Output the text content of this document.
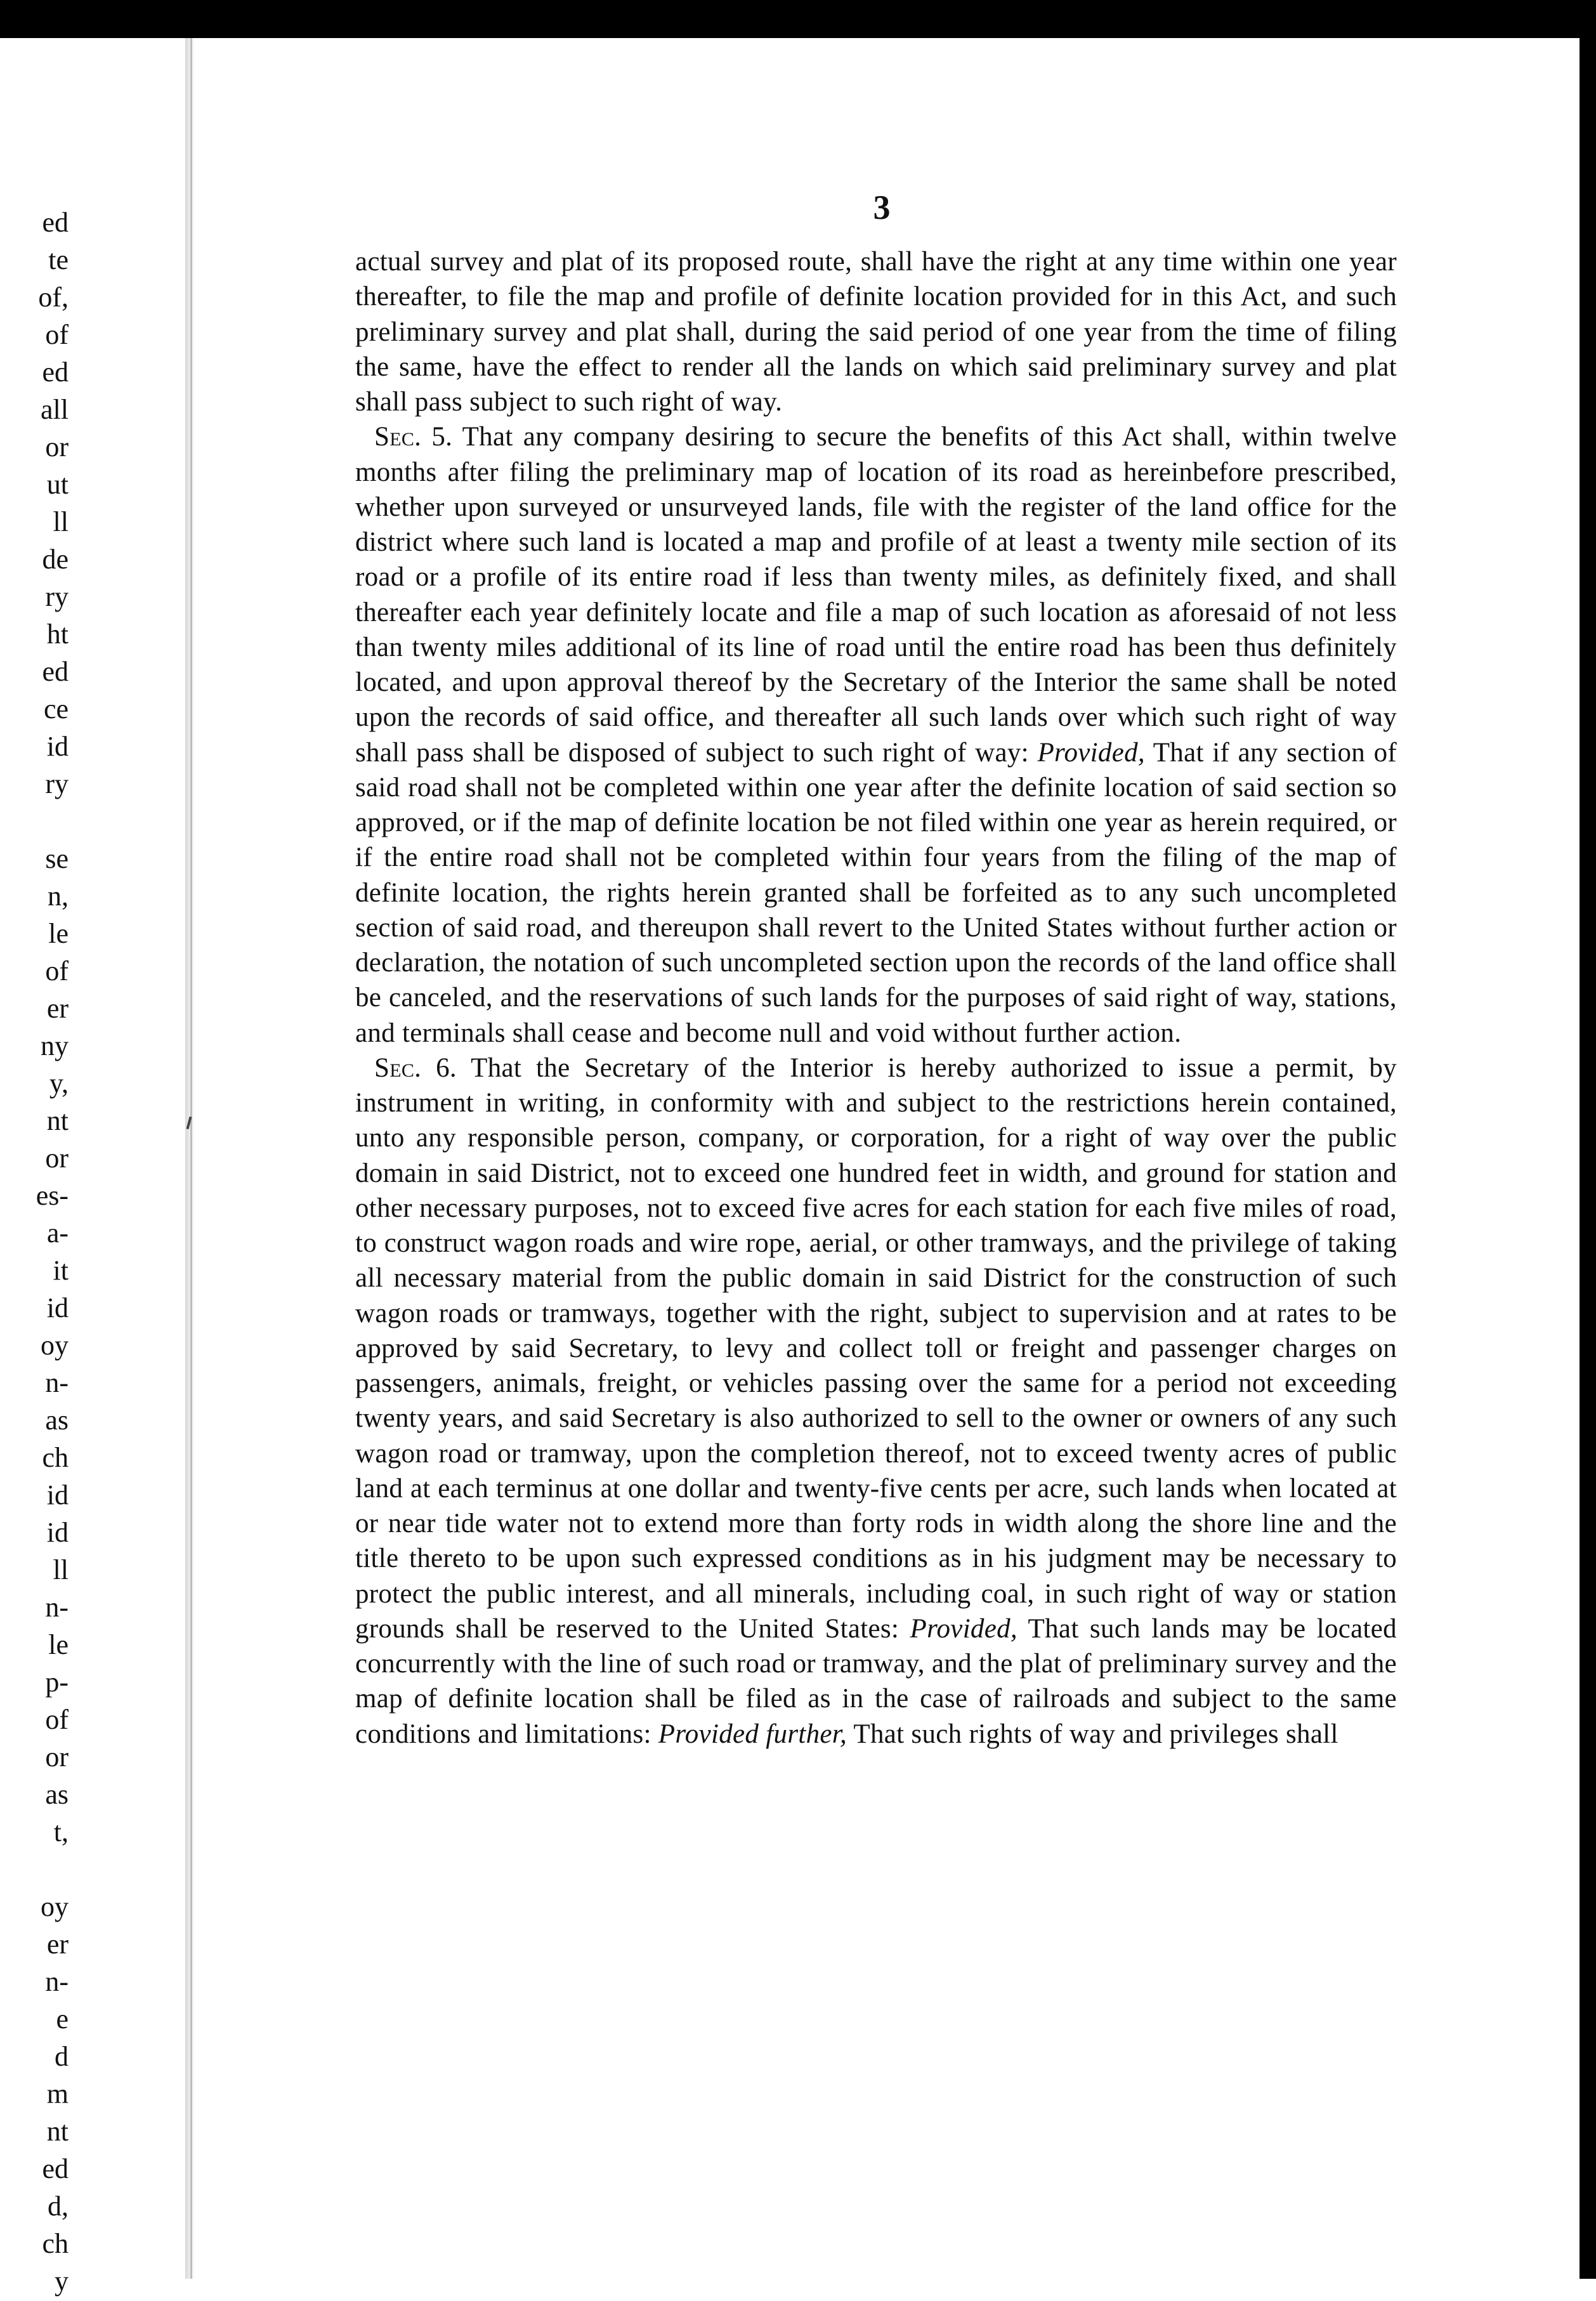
ed
te
of,
of
ed
all
or
ut
ll
de
ry
ht
ed
ce
id
ry
se
n,
le
of
er
ny
y,
nt
or
es-
a-
it
id
oy
n-
as
ch
id
id
ll
n-
le
p-
of
or
as
t,
oy
er
n-
e
d
m
nt
ed
d,
ch
y
3

actual survey and plat of its proposed route, shall have the right at any time within one year thereafter, to file the map and profile of definite location provided for in this Act, and such preliminary survey and plat shall, during the said period of one year from the time of filing the same, have the effect to render all the lands on which said preliminary survey and plat shall pass subject to such right of way.

Sec. 5. That any company desiring to secure the benefits of this Act shall, within twelve months after filing the preliminary map of location of its road as hereinbefore prescribed, whether upon surveyed or unsurveyed lands, file with the register of the land office for the district where such land is located a map and profile of at least a twenty mile section of its road or a profile of its entire road if less than twenty miles, as definitely fixed, and shall thereafter each year definitely locate and file a map of such location as aforesaid of not less than twenty miles additional of its line of road until the entire road has been thus definitely located, and upon approval thereof by the Secretary of the Interior the same shall be noted upon the records of said office, and thereafter all such lands over which such right of way shall pass shall be disposed of subject to such right of way: Provided, That if any section of said road shall not be completed within one year after the definite location of said section so approved, or if the map of definite location be not filed within one year as herein required, or if the entire road shall not be completed within four years from the filing of the map of definite location, the rights herein granted shall be forfeited as to any such uncompleted section of said road, and thereupon shall revert to the United States without further action or declaration, the notation of such uncompleted section upon the records of the land office shall be canceled, and the reservations of such lands for the purposes of said right of way, stations, and terminals shall cease and become null and void without further action.

Sec. 6. That the Secretary of the Interior is hereby authorized to issue a permit, by instrument in writing, in conformity with and subject to the restrictions herein contained, unto any responsible person, company, or corporation, for a right of way over the public domain in said District, not to exceed one hundred feet in width, and ground for station and other necessary purposes, not to exceed five acres for each station for each five miles of road, to construct wagon roads and wire rope, aerial, or other tramways, and the privilege of taking all necessary material from the public domain in said District for the construction of such wagon roads or tramways, together with the right, subject to supervision and at rates to be approved by said Secretary, to levy and collect toll or freight and passenger charges on passengers, animals, freight, or vehicles passing over the same for a period not exceeding twenty years, and said Secretary is also authorized to sell to the owner or owners of any such wagon road or tramway, upon the completion thereof, not to exceed twenty acres of public land at each terminus at one dollar and twenty-five cents per acre, such lands when located at or near tide water not to extend more than forty rods in width along the shore line and the title thereto to be upon such expressed conditions as in his judgment may be necessary to protect the public interest, and all minerals, including coal, in such right of way or station grounds shall be reserved to the United States: Provided, That such lands may be located concurrently with the line of such road or tramway, and the plat of preliminary survey and the map of definite location shall be filed as in the case of railroads and subject to the same conditions and limitations: Provided further, That such rights of way and privileges shall
